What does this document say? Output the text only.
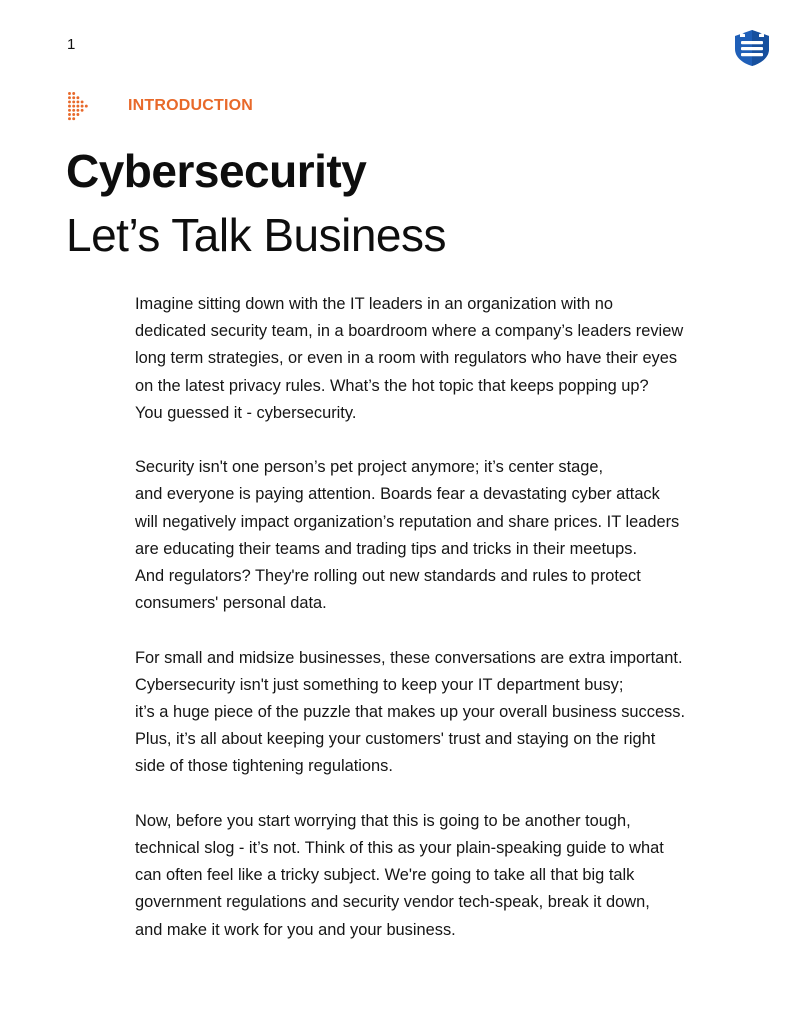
1
INTRODUCTION
Cybersecurity
Let’s Talk Business

Imagine sitting down with the IT leaders in an organization with no
dedicated security team, in a boardroom where a company’s leaders review
long term strategies, or even in a room with regulators who have their eyes
on the latest privacy rules. What’s the hot topic that keeps popping up?
You guessed it - cybersecurity.

Security isn't one person’s pet project anymore; it’s center stage,
and everyone is paying attention. Boards fear a devastating cyber attack
will negatively impact organization’s reputation and share prices. IT leaders
are educating their teams and trading tips and tricks in their meetups.
And regulators? They're rolling out new standards and rules to protect
consumers' personal data.

For small and midsize businesses, these conversations are extra important.
Cybersecurity isn't just something to keep your IT department busy;
it’s a huge piece of the puzzle that makes up your overall business success.
Plus, it’s all about keeping your customers' trust and staying on the right
side of those tightening regulations.

Now, before you start worrying that this is going to be another tough,
technical slog - it’s not. Think of this as your plain-speaking guide to what
can often feel like a tricky subject. We're going to take all that big talk
government regulations and security vendor tech-speak, break it down,
and make it work for you and your business.
